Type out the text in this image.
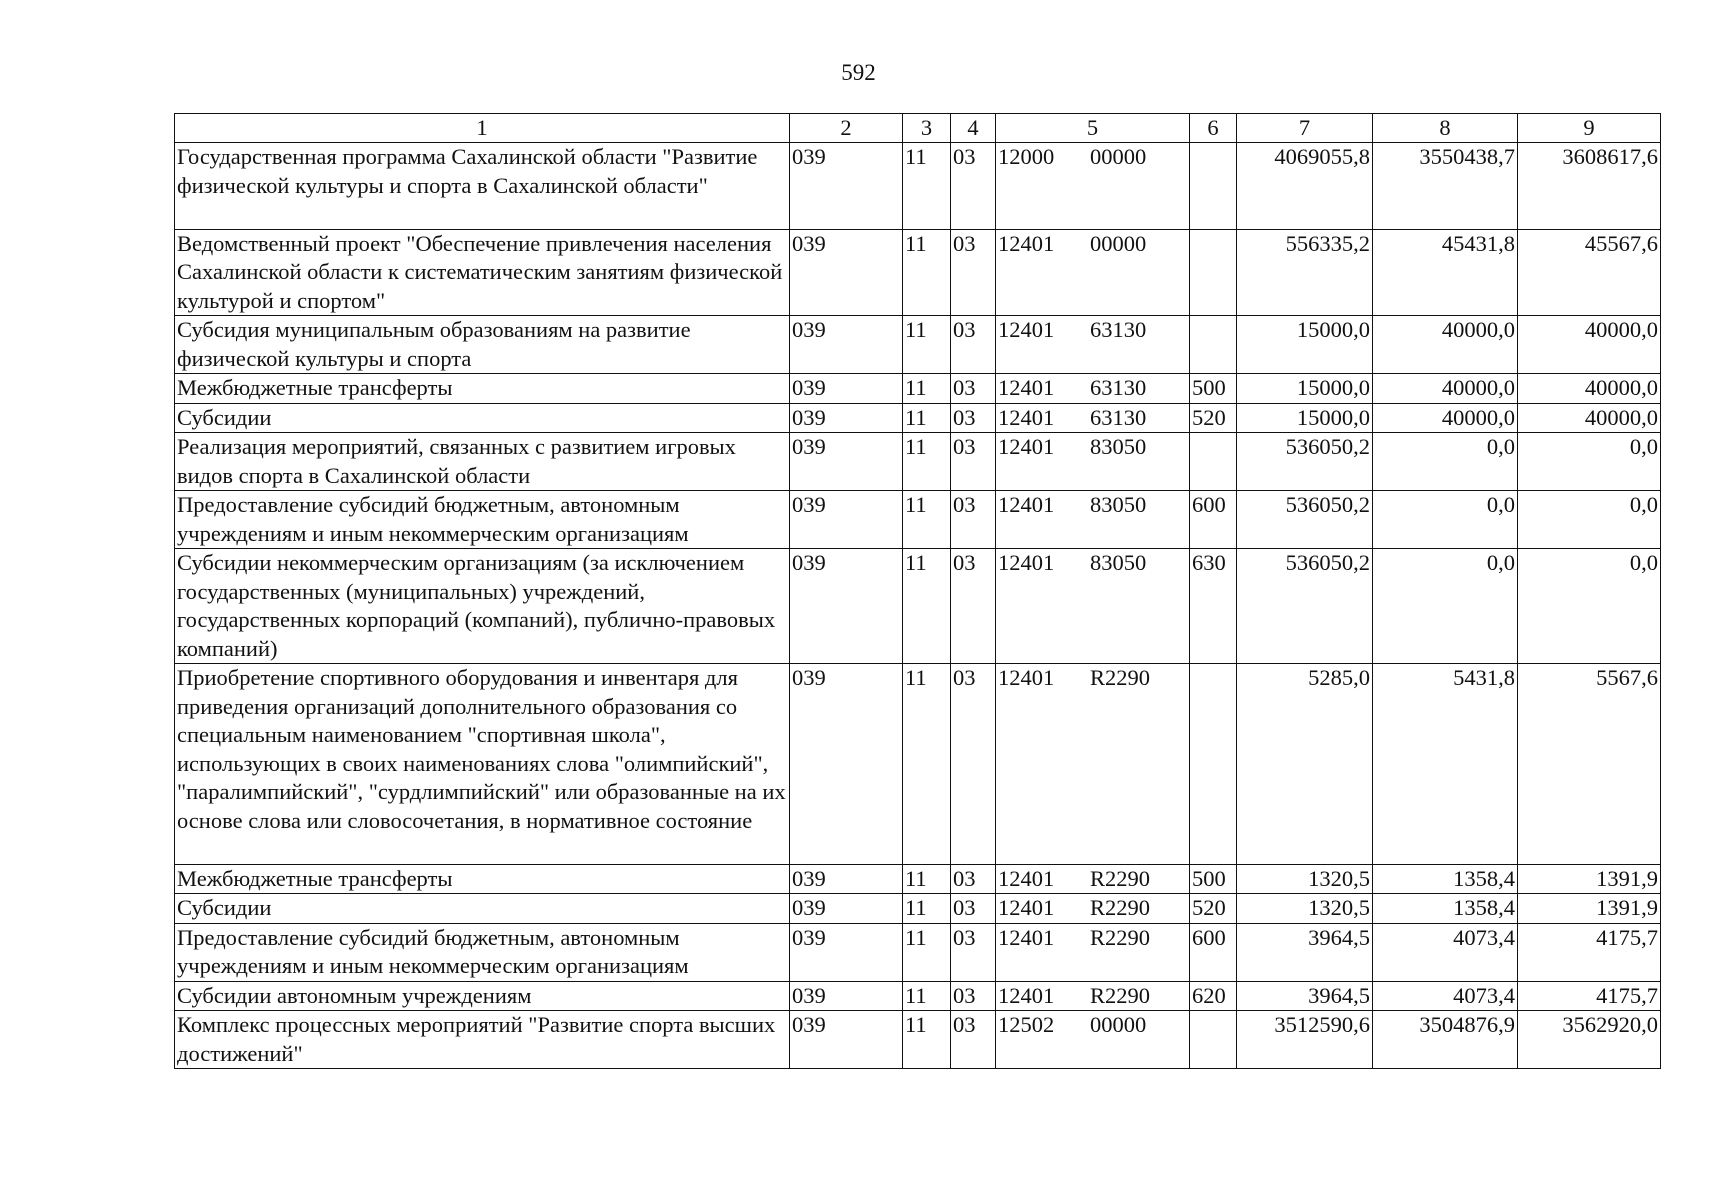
592
1	2	3	4	5	6	7	8	9
Государственная программа Сахалинской области "Развитие физической культуры и спорта в Сахалинской области"	039	11	03	12000 00000		4069055,8	3550438,7	3608617,6
Ведомственный проект "Обеспечение привлечения населения Сахалинской области к систематическим занятиям физической культурой и спортом"	039	11	03	12401 00000		556335,2	45431,8	45567,6
Субсидия муниципальным образованиям на развитие физической культуры и спорта	039	11	03	12401 63130		15000,0	40000,0	40000,0
Межбюджетные трансферты	039	11	03	12401 63130	500	15000,0	40000,0	40000,0
Субсидии	039	11	03	12401 63130	520	15000,0	40000,0	40000,0
Реализация мероприятий, связанных с развитием игровых видов спорта в Сахалинской области	039	11	03	12401 83050		536050,2	0,0	0,0
Предоставление субсидий бюджетным, автономным учреждениям и иным некоммерческим организациям	039	11	03	12401 83050	600	536050,2	0,0	0,0
Субсидии некоммерческим организациям (за исключением государственных (муниципальных) учреждений, государственных корпораций (компаний), публично-правовых компаний)	039	11	03	12401 83050	630	536050,2	0,0	0,0
Приобретение спортивного оборудования и инвентаря для приведения организаций дополнительного образования со специальным наименованием "спортивная школа", использующих в своих наименованиях слова "олимпийский", "паралимпийский", "сурдлимпийский" или образованные на их основе слова или словосочетания, в нормативное состояние	039	11	03	12401 R2290		5285,0	5431,8	5567,6
Межбюджетные трансферты	039	11	03	12401 R2290	500	1320,5	1358,4	1391,9
Субсидии	039	11	03	12401 R2290	520	1320,5	1358,4	1391,9
Предоставление субсидий бюджетным, автономным учреждениям и иным некоммерческим организациям	039	11	03	12401 R2290	600	3964,5	4073,4	4175,7
Субсидии автономным учреждениям	039	11	03	12401 R2290	620	3964,5	4073,4	4175,7
Комплекс процессных мероприятий "Развитие спорта высших достижений"	039	11	03	12502 00000		3512590,6	3504876,9	3562920,0
